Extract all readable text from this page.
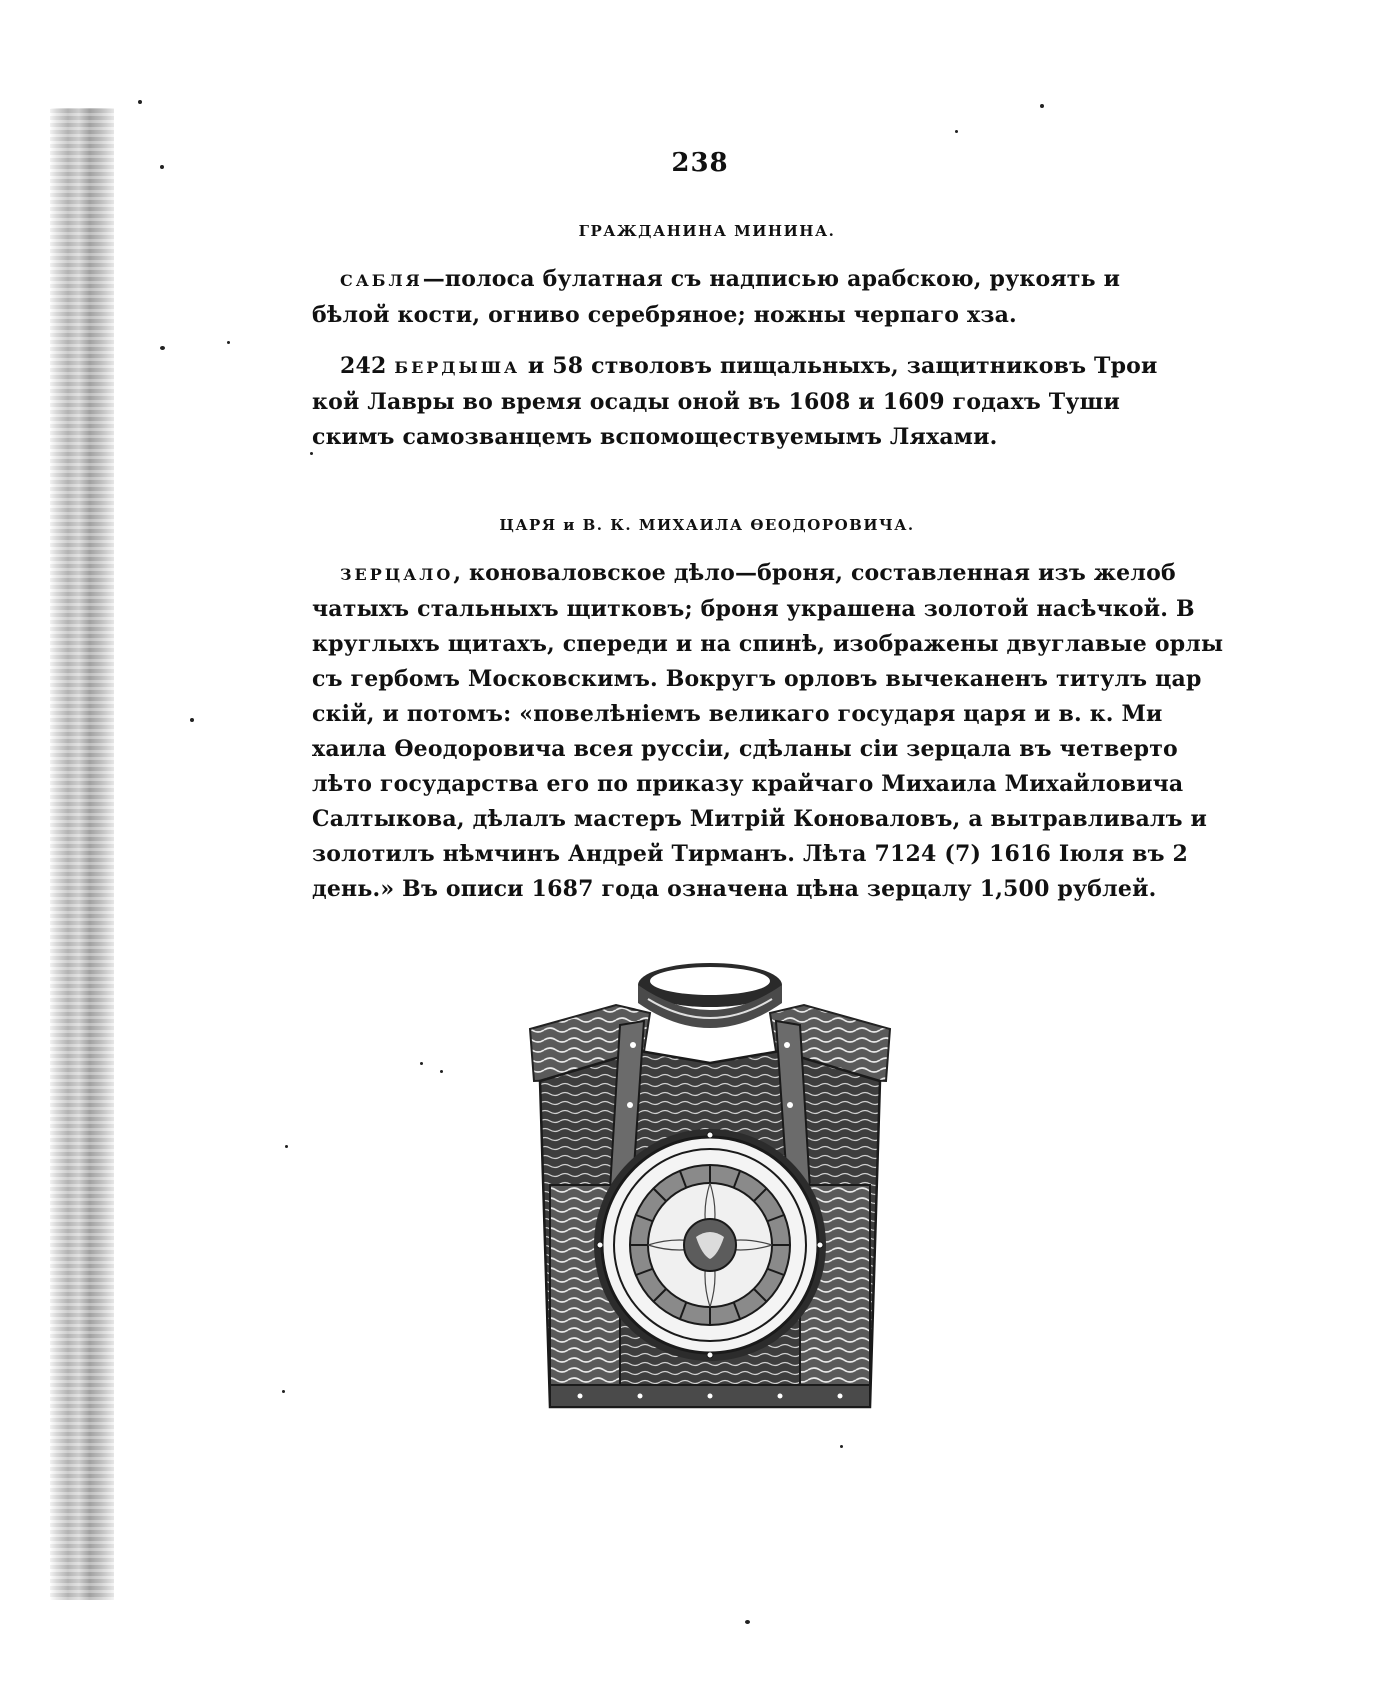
238
ГРАЖДАНИНА МИНИНА.
САБЛЯ—полоса булатная съ надписью арабскою, рукоять и
бѣлой кости, огниво серебряное; ножны черпаго хза.
242 БЕРДЫША и 58 стволовъ пищальныхъ, защитниковъ Трои
кой Лавры во время осады оной въ 1608 и 1609 годахъ Туши
скимъ самозванцемъ вспомоществуемымъ Ляхами.
ЦАРЯ и В. К. МИХАИЛА ѲЕОДОРОВИЧА.
ЗЕРЦАЛО, коноваловское дѣло—броня, составленная изъ желоб
чатыхъ стальныхъ щитковъ; броня украшена золотой насѣчкой. В
круглыхъ щитахъ, спереди и на спинѣ, изображены двуглавые орлы
съ гербомъ Московскимъ. Вокругъ орловъ вычеканенъ титулъ цар
скій, и потомъ: «повелѣніемъ великаго государя царя и в. к. Ми
хаила Ѳеодоровича всея руссіи, сдѣланы сіи зерцала въ четверто
лѣто государства его по приказу крайчаго Михаила Михайловича
Салтыкова, дѣлалъ мастеръ Митрій Коноваловъ, а вытравливалъ и
золотилъ нѣмчинъ Андрей Тирманъ. Лѣта 7124 (7) 1616 Іюля въ 2
день.» Въ описи 1687 года означена цѣна зерцалу 1,500 рублей.
